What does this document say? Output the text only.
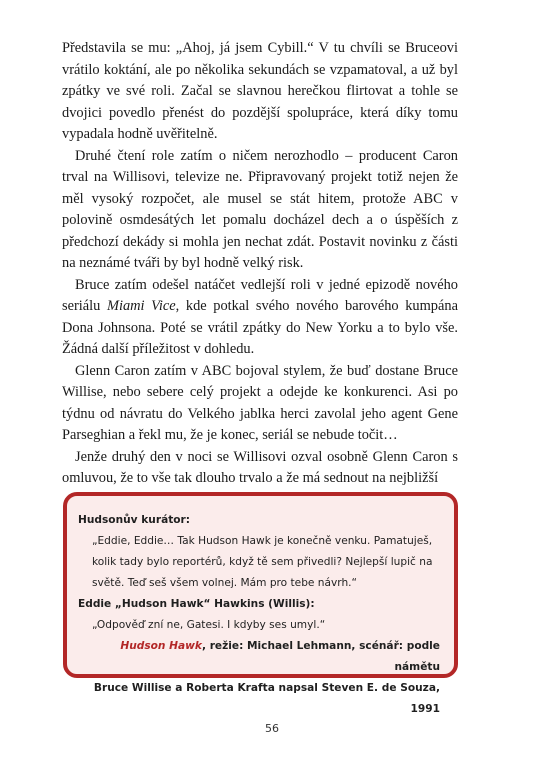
Představila se mu: „Ahoj, já jsem Cybill.“ V tu chvíli se Bruceovi vrátilo koktání, ale po několika sekundách se vzpamatoval, a už byl zpátky ve své roli. Začal se slavnou herečkou flirtovat a tohle se dvojici povedlo přenést do pozdější spolupráce, která díky tomu vypadala hodně uvěřitelně.

Druhé čtení role zatím o ničem nerozhodlo – producent Caron trval na Willisovi, televize ne. Připravovaný projekt totiž nejen že měl vysoký rozpočet, ale musel se stát hitem, protože ABC v polovině osmdesátých let pomalu docházel dech a o úspěších z předchozí dekády si mohla jen nechat zdát. Postavit novinku z části na neznámé tváři by byl hodně velký risk.

Bruce zatím odešel natáčet vedlejší roli v jedné epizodě nového seriálu Miami Vice, kde potkal svého nového barového kumpána Dona Johnsona. Poté se vrátil zpátky do New Yorku a to bylo vše. Žádná další příležitost v dohledu.

Glenn Caron zatím v ABC bojoval stylem, že buď dostane Bruce Willise, nebo sebere celý projekt a odejde ke konkurenci. Asi po týdnu od návratu do Velkého jablka herci zavolal jeho agent Gene Parseghian a řekl mu, že je konec, seriál se nebude točit…

Jenže druhý den v noci se Willisovi ozval osobně Glenn Caron s omluvou, že to vše tak dlouho trvalo a že má sednout na nejbližší

Hudsonův kurátor:
„Eddie, Eddie… Tak Hudson Hawk je konečně venku. Pamatuješ, kolik tady bylo reportérů, když tě sem přivedli? Nejlepší lupič na světě. Teď seš všem volnej. Mám pro tebe návrh.“
Eddie „Hudson Hawk“ Hawkins (Willis):
„Odpověď zní ne, Gatesi. I kdyby ses umyl.“
Hudson Hawk, režie: Michael Lehmann, scénář: podle námětu
Bruce Willise a Roberta Krafta napsal Steven E. de Souza, 1991
56
